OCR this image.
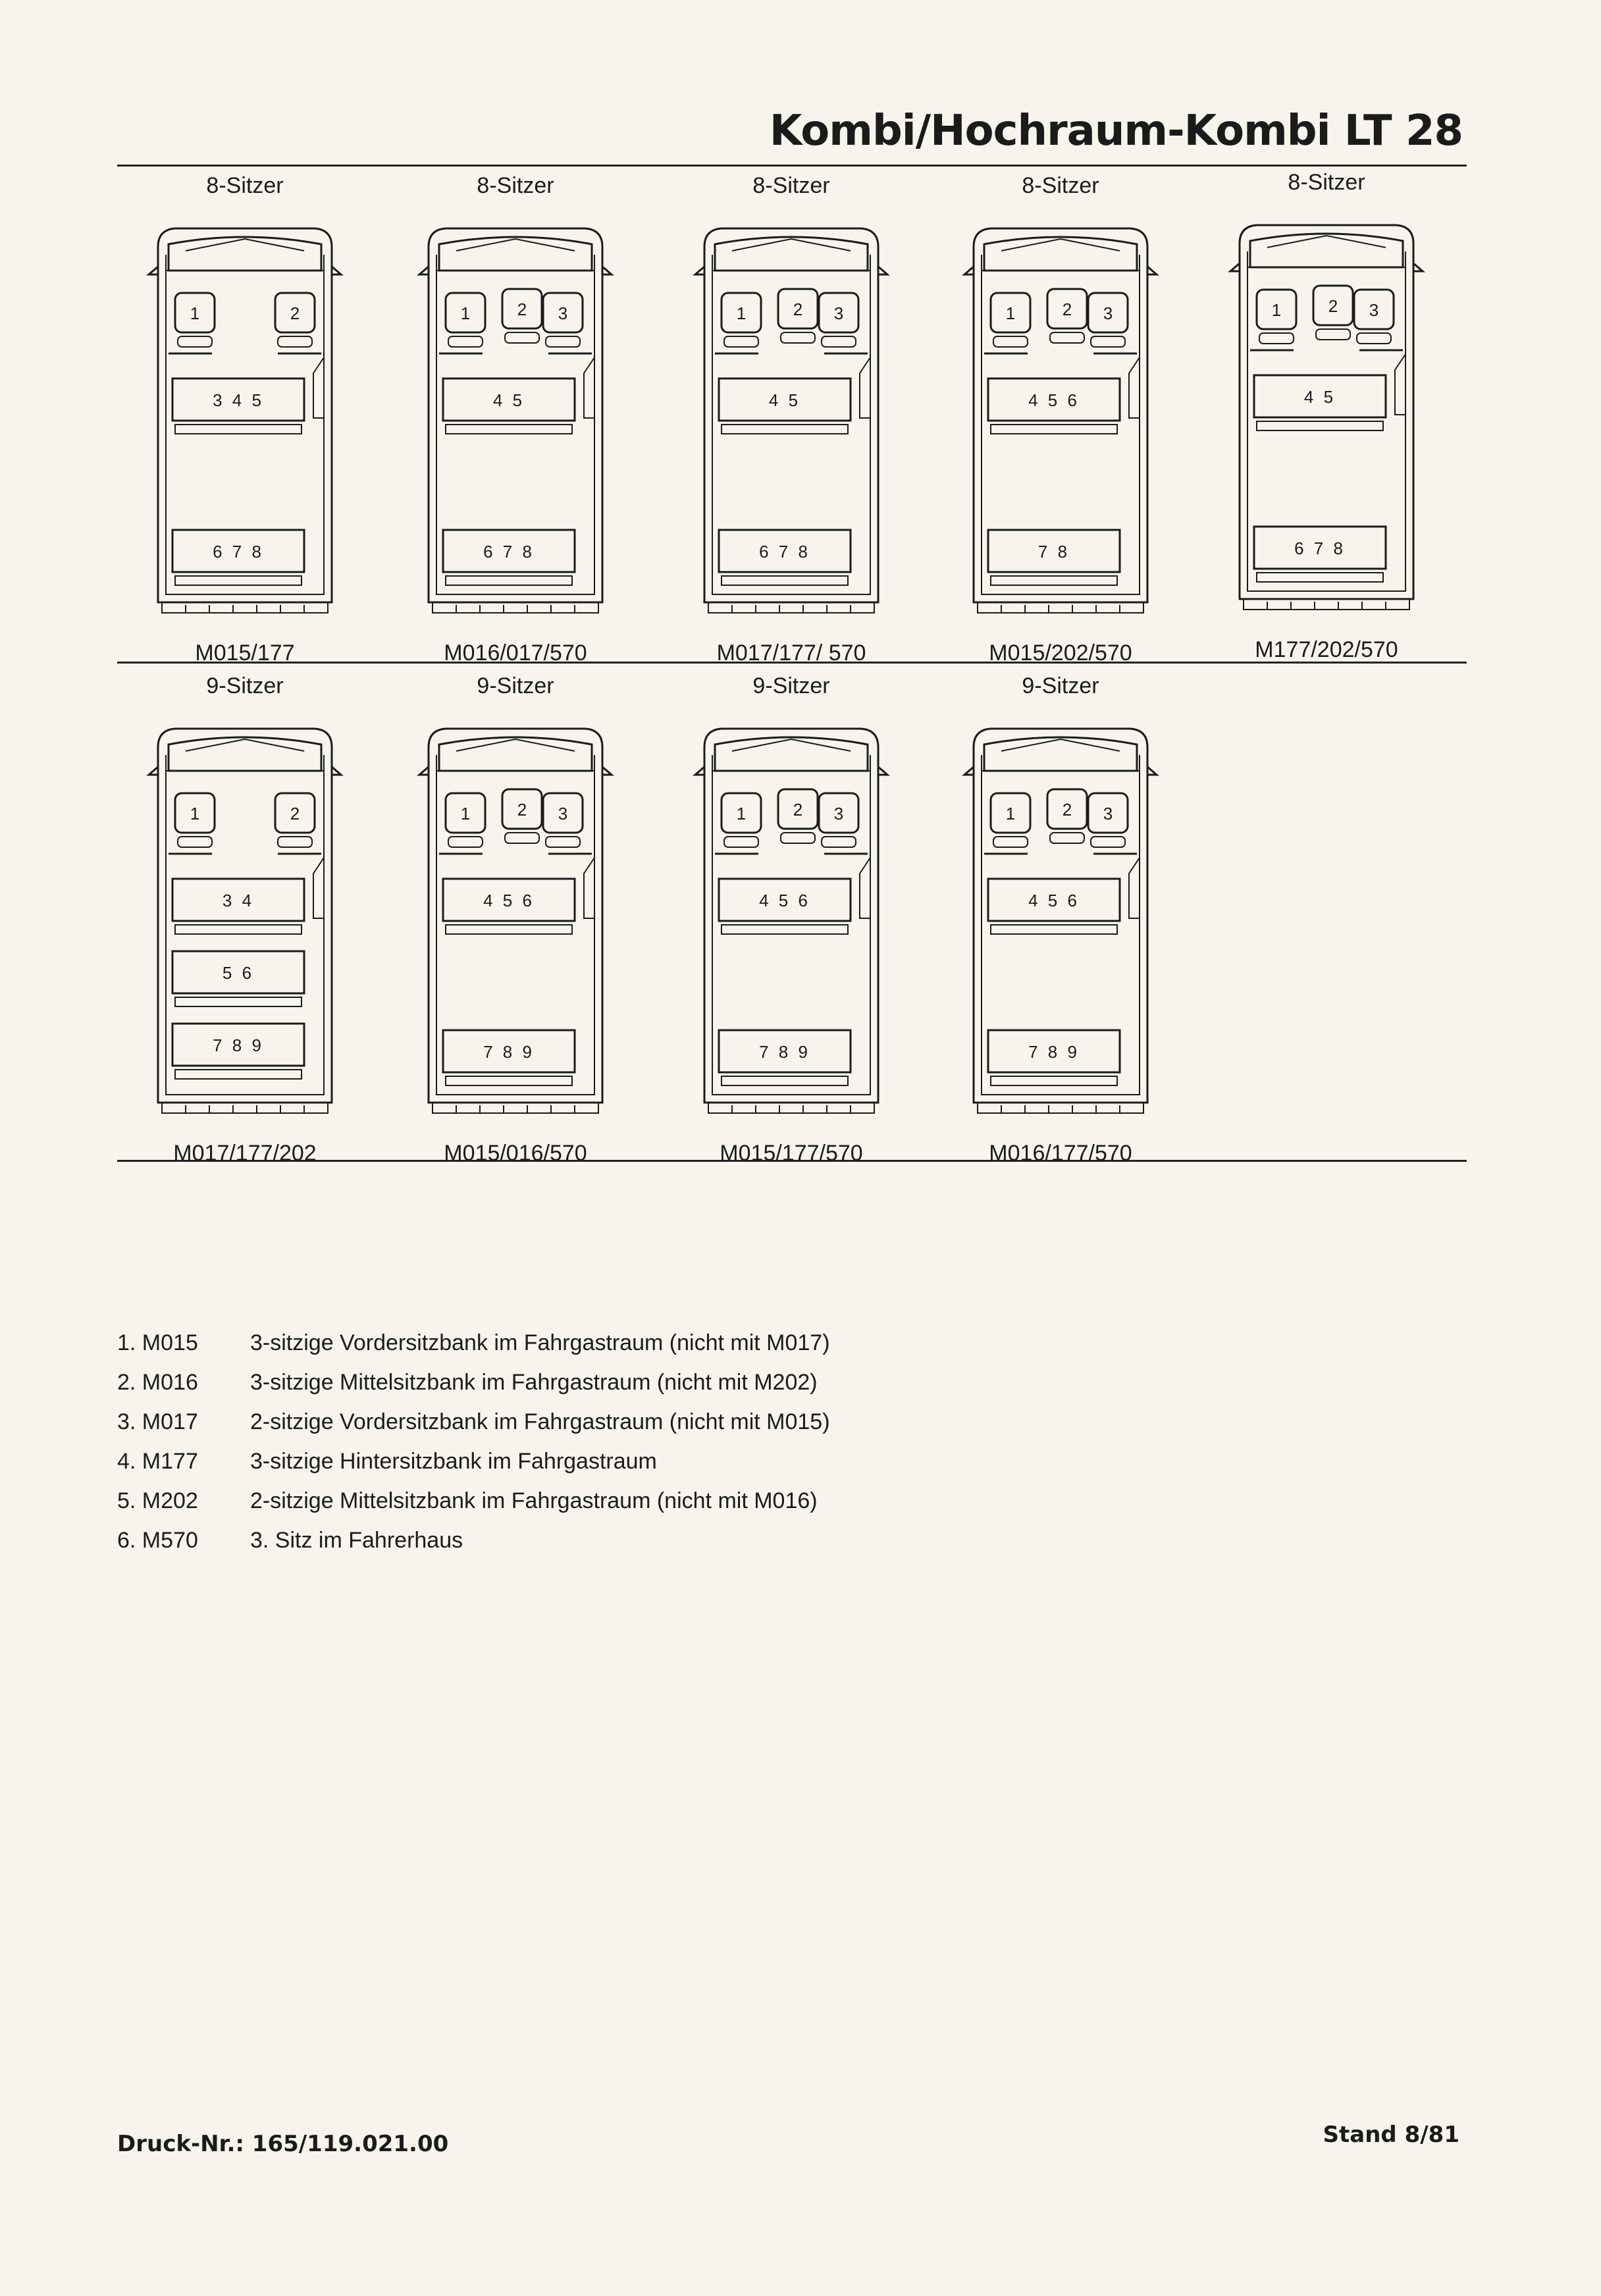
Kombi/Hochraum-Kombi LT 28
8-Sitzer
1	2
3 4 5
6 7 8
M015/177
8-Sitzer
1	2 3
4 5
6 7 8
M016/017/570
8-Sitzer
1	2 3
4 5
6 7 8
M017/177/ 570
8-Sitzer
1	2 3
4 5 6
7 8
M015/202/570
8-Sitzer
1	2 3
4 5
6 7 8
M177/202/570
9-Sitzer
1	2
3 4
5 6
7 8 9
M017/177/202
9-Sitzer
1	2 3
4 5 6
7 8 9
M015/016/570
9-Sitzer
1	2 3
4 5 6
7 8 9
M015/177/570
9-Sitzer
1	2 3
4 5 6
7 8 9
M016/177/570
1. M015	3-sitzige Vordersitzbank im Fahrgastraum (nicht mit M017)
2. M016	3-sitzige Mittelsitzbank im Fahrgastraum (nicht mit M202)
3. M017	2-sitzige Vordersitzbank im Fahrgastraum (nicht mit M015)
4. M177	3-sitzige Hintersitzbank im Fahrgastraum
5. M202	2-sitzige Mittelsitzbank im Fahrgastraum (nicht mit M016)
6. M570	3. Sitz im Fahrerhaus
Druck-Nr.: 165/119.021.00	Stand 8/81
